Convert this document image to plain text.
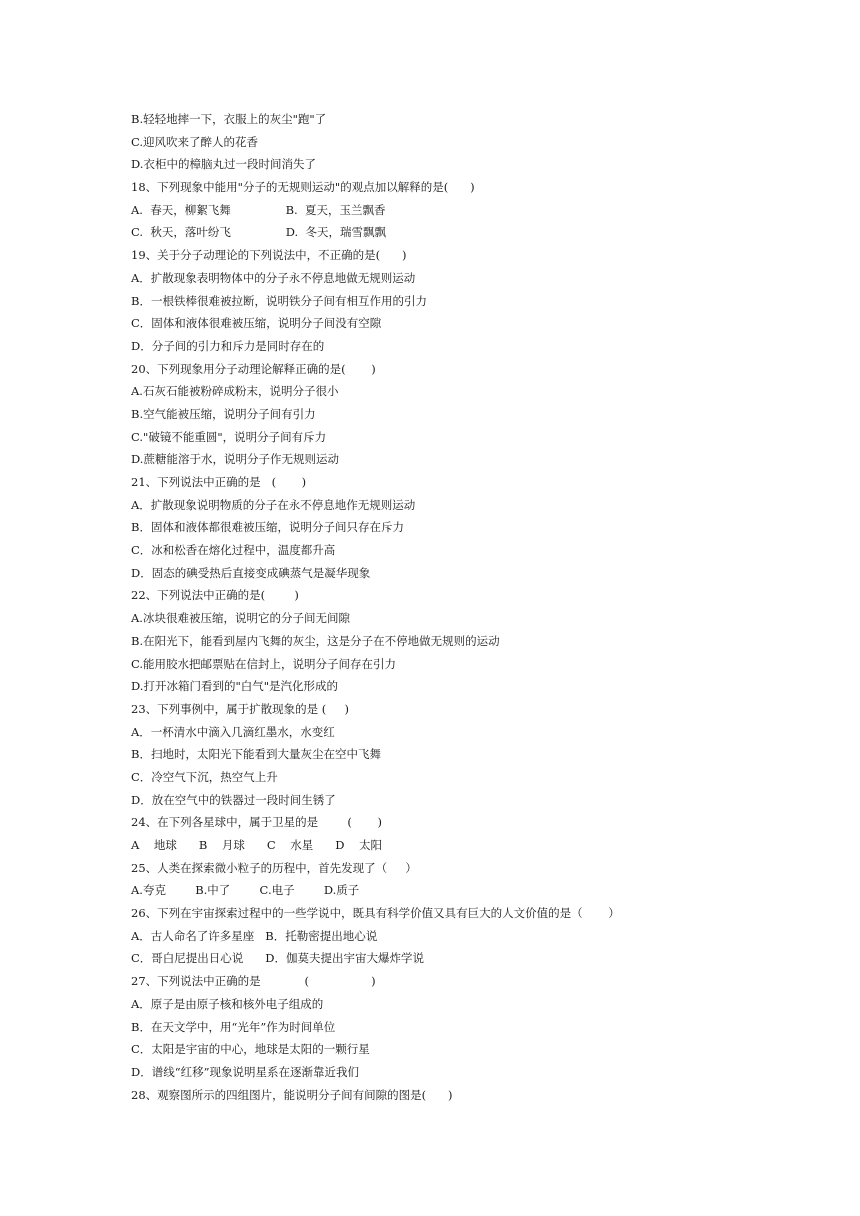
B.轻轻地摔一下，衣服上的灰尘"跑"了
C.迎风吹来了醉人的花香
D.衣柜中的樟脑丸过一段时间消失了
18、下列现象中能用"分子的无规则运动"的观点加以解释的是(      )
A.  春天，柳絮飞舞               B.  夏天，玉兰飘香
C.  秋天，落叶纷飞               D.  冬天，瑞雪飘飘
19、关于分子动理论的下列说法中，不正确的是(      )
A．扩散现象表明物体中的分子永不停息地做无规则运动
B．一根铁棒很难被拉断，说明铁分子间有相互作用的引力
C．固体和液体很难被压缩，说明分子间没有空隙
D．分子间的引力和斥力是同时存在的
20、下列现象用分子动理论解释正确的是(       )
A.石灰石能被粉碎成粉末，说明分子很小
B.空气能被压缩，说明分子间有引力
C."破镜不能重圆"，说明分子间有斥力
D.蔗糖能溶于水，说明分子作无规则运动
21、下列说法中正确的是   (       )
A．扩散现象说明物质的分子在永不停息地作无规则运动
B．固体和液体都很难被压缩，说明分子间只存在斥力
C．冰和松香在熔化过程中，温度都升高
D．固态的碘受热后直接变成碘蒸气是凝华现象
22、下列说法中正确的是(        )
A.冰块很难被压缩，说明它的分子间无间隙
B.在阳光下，能看到屋内飞舞的灰尘，这是分子在不停地做无规则的运动
C.能用胶水把邮票贴在信封上，说明分子间存在引力
D.打开冰箱门看到的"白气"是汽化形成的
23、下列事例中，属于扩散现象的是 (     )
A．一杯清水中滴入几滴红墨水，水变红
B．扫地时，太阳光下能看到大量灰尘在空中飞舞
C．冷空气下沉，热空气上升
D．放在空气中的铁器过一段时间生锈了
24、在下列各星球中，属于卫星的是        (       )
A    地球      B    月球      C    水星      D    太阳
25、人类在探索微小粒子的历程中，首先发现了（     ）
A.夸克        B.中了        C.电子        D.质子
26、下列在宇宙探索过程中的一些学说中，既具有科学价值又具有巨大的人文价值的是（       ）
A．古人命名了许多星座   B．托勒密提出地心说
C．哥白尼提出日心说      D．伽莫夫提出宇宙大爆炸学说
27、下列说法中正确的是            (                 )
A．原子是由原子核和核外电子组成的
B．在天文学中，用“光年”作为时间单位
C．太阳是宇宙的中心，地球是太阳的一颗行星
D．谱线“红移”现象说明星系在逐渐靠近我们
28、观察图所示的四组图片，能说明分子间有间隙的图是(      )
